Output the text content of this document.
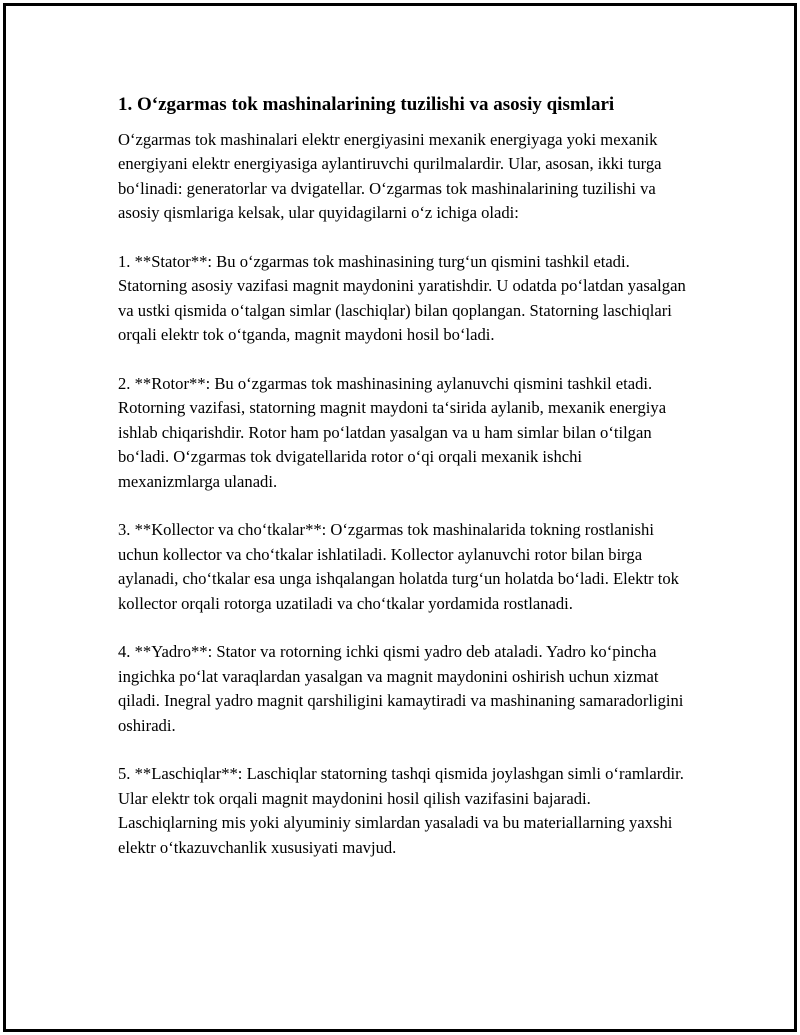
1. O‘zgarmas tok mashinalarining tuzilishi va asosiy qismlari

O‘zgarmas tok mashinalari elektr energiyasini mexanik energiyaga yoki mexanik energiyani elektr energiyasiga aylantiruvchi qurilmalardir. Ular, asosan, ikki turga bo‘linadi: generatorlar va dvigatellar. O‘zgarmas tok mashinalarining tuzilishi va asosiy qismlariga kelsak, ular quyidagilarni o‘z ichiga oladi:

1. **Stator**: Bu o‘zgarmas tok mashinasining turg‘un qismini tashkil etadi. Statorning asosiy vazifasi magnit maydonini yaratishdir. U odatda po‘latdan yasalgan va ustki qismida o‘talgan simlar (laschiqlar) bilan qoplangan. Statorning laschiqlari orqali elektr tok o‘tganda, magnit maydoni hosil bo‘ladi.

2. **Rotor**: Bu o‘zgarmas tok mashinasining aylanuvchi qismini tashkil etadi. Rotorning vazifasi, statorning magnit maydoni ta‘sirida aylanib, mexanik energiya ishlab chiqarishdir. Rotor ham po‘latdan yasalgan va u ham simlar bilan o‘tilgan bo‘ladi. O‘zgarmas tok dvigatellarida rotor o‘qi orqali mexanik ishchi mexanizmlarga ulanadi.

3. **Kollector va cho‘tkalar**: O‘zgarmas tok mashinalarida tokning rostlanishi uchun kollector va cho‘tkalar ishlatiladi. Kollector aylanuvchi rotor bilan birga aylanadi, cho‘tkalar esa unga ishqalangan holatda turg‘un holatda bo‘ladi. Elektr tok kollector orqali rotorga uzatiladi va cho‘tkalar yordamida rostlanadi.

4. **Yadro**: Stator va rotorning ichki qismi yadro deb ataladi. Yadro ko‘pincha ingichka po‘lat varaqlardan yasalgan va magnit maydonini oshirish uchun xizmat qiladi. Inegral yadro magnit qarshiligini kamaytiradi va mashinaning samaradorligini oshiradi.

5. **Laschiqlar**: Laschiqlar statorning tashqi qismida joylashgan simli o‘ramlardir. Ular elektr tok orqali magnit maydonini hosil qilish vazifasini bajaradi. Laschiqlarning mis yoki alyuminiy simlardan yasaladi va bu materiallarning yaxshi elektr o‘tkazuvchanlik xususiyati mavjud.
